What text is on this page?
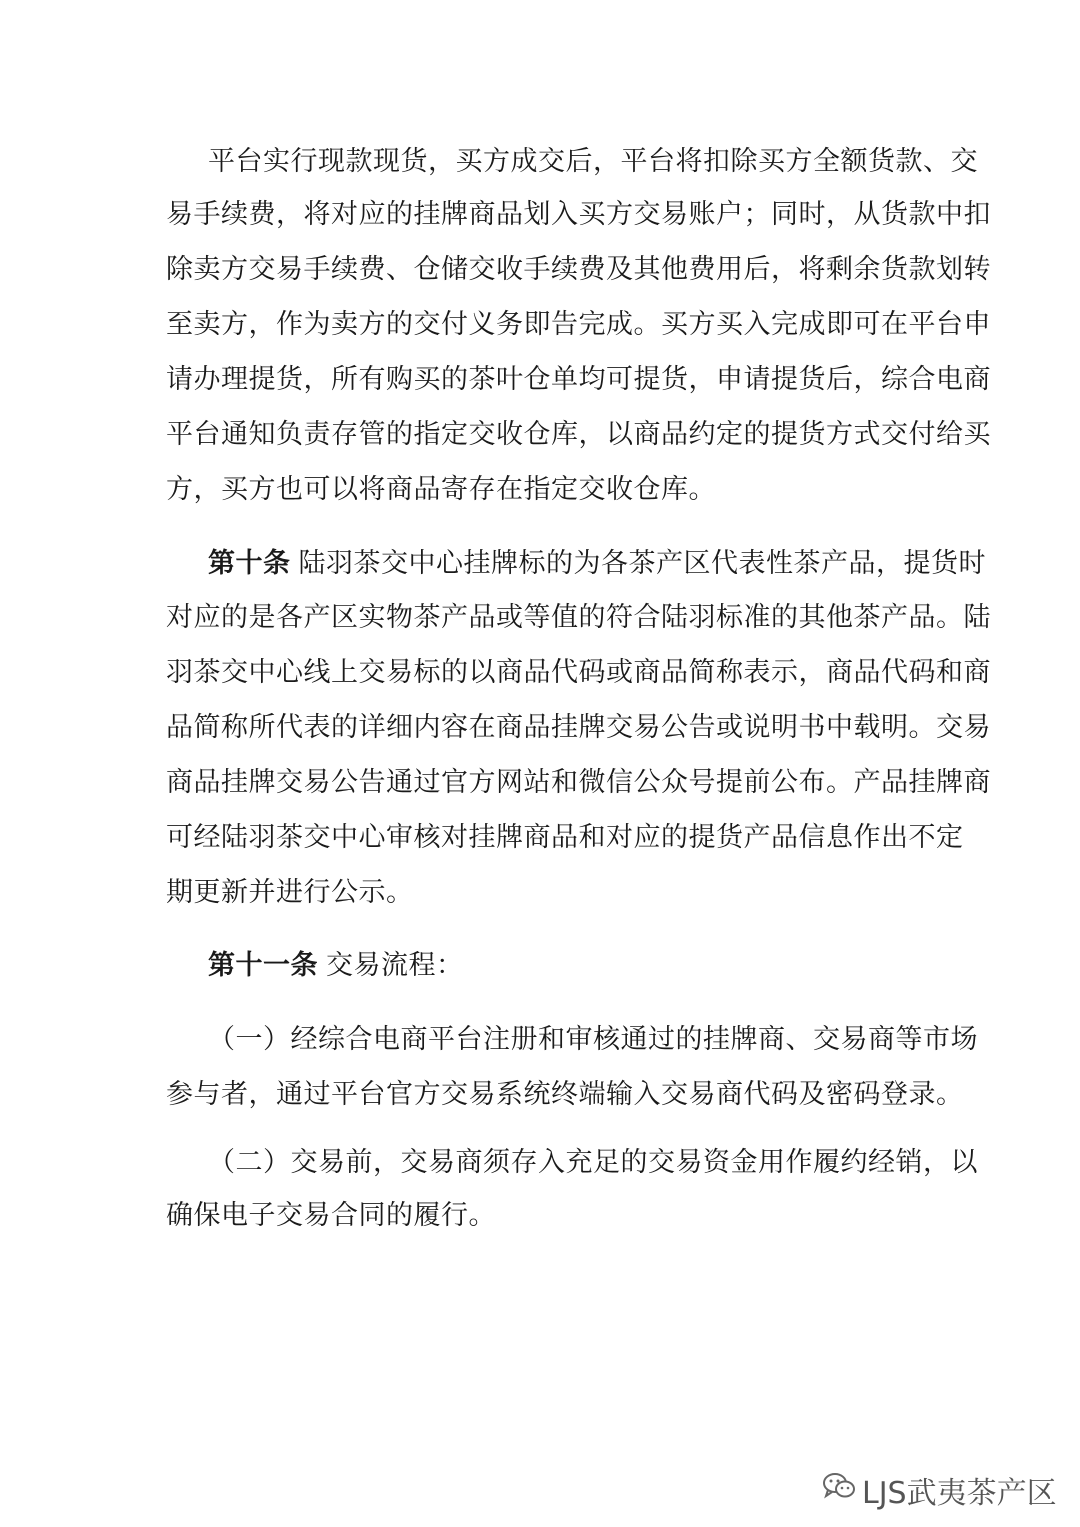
平台实行现款现货，买方成交后，平台将扣除买方全额货款、交
易手续费，将对应的挂牌商品划入买方交易账户；同时，从货款中扣
除卖方交易手续费、仓储交收手续费及其他费用后，将剩余货款划转
至卖方，作为卖方的交付义务即告完成。买方买入完成即可在平台申
请办理提货，所有购买的茶叶仓单均可提货，申请提货后，综合电商
平台通知负责存管的指定交收仓库，以商品约定的提货方式交付给买
方，买方也可以将商品寄存在指定交收仓库。
第十条 陆羽茶交中心挂牌标的为各茶产区代表性茶产品，提货时
对应的是各产区实物茶产品或等值的符合陆羽标准的其他茶产品。陆
羽茶交中心线上交易标的以商品代码或商品简称表示，商品代码和商
品简称所代表的详细内容在商品挂牌交易公告或说明书中载明。交易
商品挂牌交易公告通过官方网站和微信公众号提前公布。产品挂牌商
可经陆羽茶交中心审核对挂牌商品和对应的提货产品信息作出不定
期更新并进行公示。
第十一条 交易流程：
（一）经综合电商平台注册和审核通过的挂牌商、交易商等市场
参与者，通过平台官方交易系统终端输入交易商代码及密码登录。
（二）交易前，交易商须存入充足的交易资金用作履约经销，以
确保电子交易合同的履行。
LJS武夷茶产区
